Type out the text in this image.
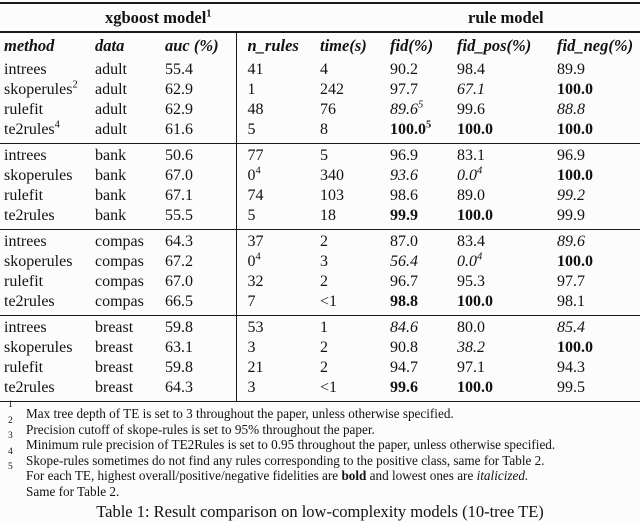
xgboost model$^1$			rule model				
method	data	auc (%)	n_rules	time(s)	fid(%)	fid_pos(%)	fid_neg(%)
intrees	adult	55.4	41	4	90.2	98.4	89.9
skoperules$^2$	adult	62.9	1	242	97.7	67.1	100.0
rulefit	adult	62.9	48	76	89.6$^5$	99.6	88.8
te2rules$^4$	adult	61.6	5	8	100.0$^5$	100.0	100.0
intrees	bank	50.6	77	5	96.9	83.1	96.9
skoperules	bank	67.0	$0^4$	340	93.6	$0.0^4$	100.0
rulefit	bank	67.1	74	103	98.6	89.0	99.2
te2rules	bank	55.5	5	18	99.9	100.0	99.9
intrees	compas	64.3	37	2	87.0	83.4	89.6
skoperules	compas	67.2	$0^4$	3	56.4	$0.0^4$	100.0
rulefit	compas	67.0	32	2	96.7	95.3	97.7
te2rules	compas	66.5	7	<1	98.8	100.0	98.1
intrees	breast	59.8	53	1	84.6	80.0	85.4
skoperules	breast	63.1	3	2	90.8	38.2	100.0
rulefit	breast	59.8	21	2	94.7	97.1	94.3
te2rules	breast	64.3	3	<1	99.6	100.0	99.5
1
Max tree depth of TE is set to 3 throughout the paper, unless otherwise specified.
2
Precision cutoff of skope-rules is set to 95% throughout the paper.
3
Minimum rule precision of TE2Rules is set to 0.95 throughout the paper, unless otherwise specified.
4
Skope-rules sometimes do not find any rules corresponding to the positive class, same for Table 2.
5
For each TE, highest overall/positive/negative fidelities are bold and lowest ones are italicized.
Same for Table 2.
Table 1: Result comparison on low-complexity models (10-tree TE)
